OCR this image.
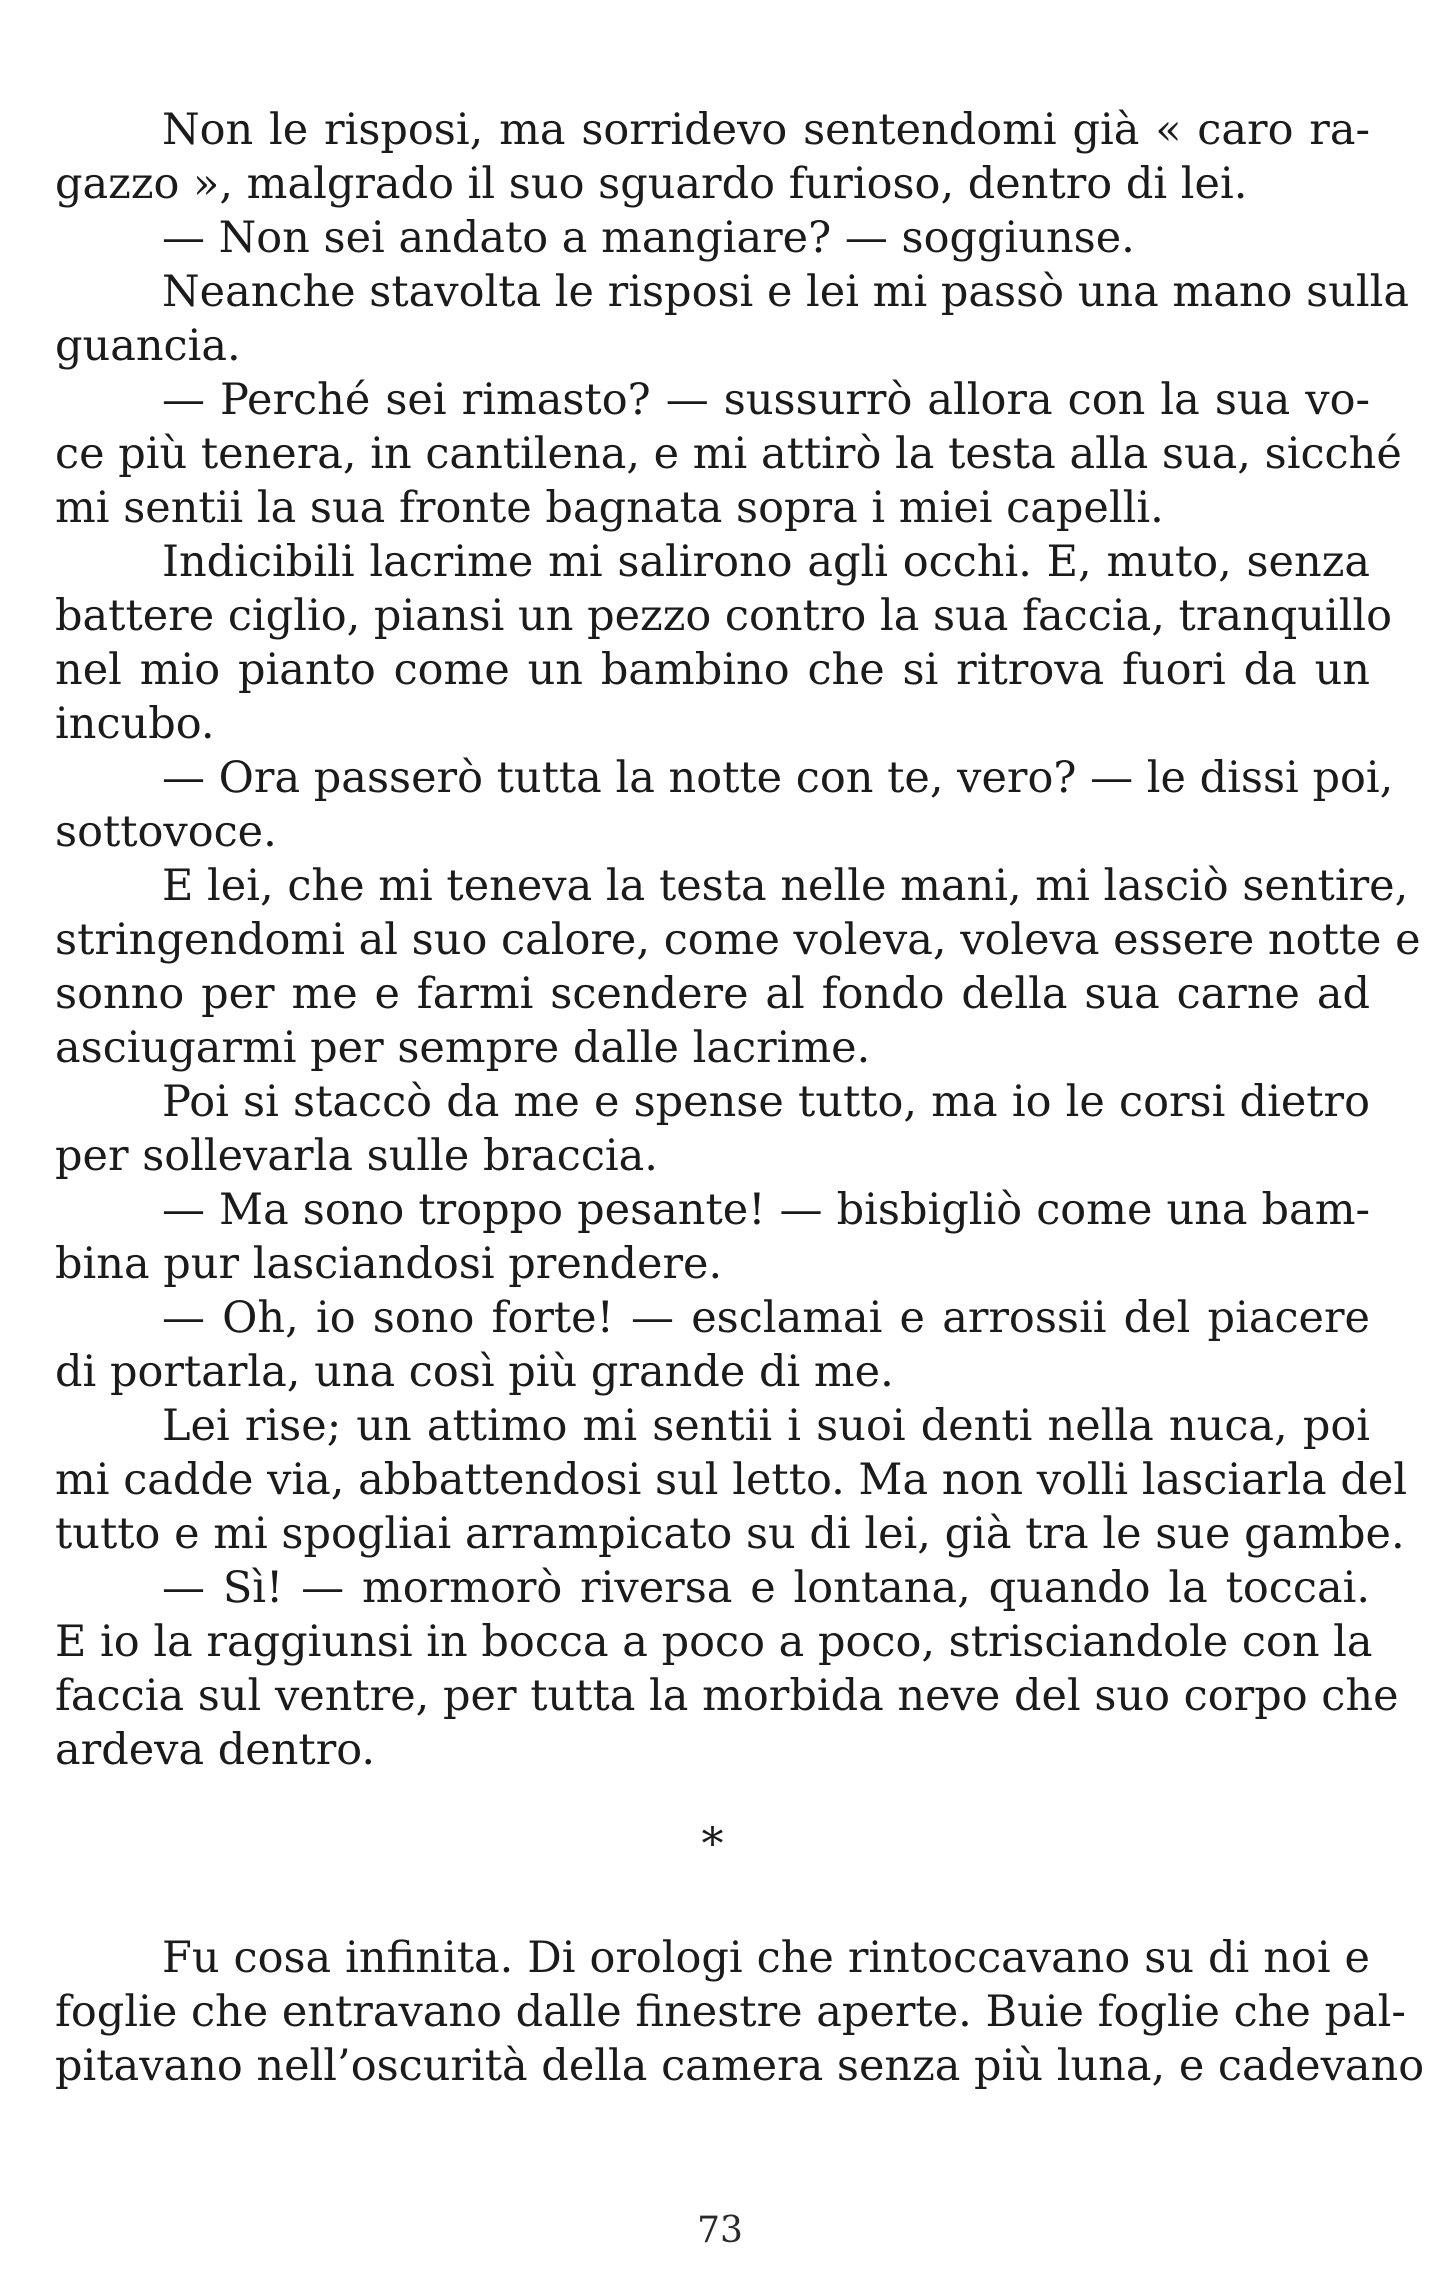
Non le risposi, ma sorridevo sentendomi già « caro ra-
gazzo », malgrado il suo sguardo furioso, dentro di lei.
— Non sei andato a mangiare? — soggiunse.
Neanche stavolta le risposi e lei mi passò una mano sulla
guancia.
— Perché sei rimasto? — sussurrò allora con la sua vo-
ce più tenera, in cantilena, e mi attirò la testa alla sua, sicché
mi sentii la sua fronte bagnata sopra i miei capelli.
Indicibili lacrime mi salirono agli occhi. E, muto, senza
battere ciglio, piansi un pezzo contro la sua faccia, tranquillo
nel mio pianto come un bambino che si ritrova fuori da un
incubo.
— Ora passerò tutta la notte con te, vero? — le dissi poi,
sottovoce.
E lei, che mi teneva la testa nelle mani, mi lasciò sentire,
stringendomi al suo calore, come voleva, voleva essere notte e
sonno per me e farmi scendere al fondo della sua carne ad
asciugarmi per sempre dalle lacrime.
Poi si staccò da me e spense tutto, ma io le corsi dietro
per sollevarla sulle braccia.
— Ma sono troppo pesante! — bisbigliò come una bam-
bina pur lasciandosi prendere.
— Oh, io sono forte! — esclamai e arrossii del piacere
di portarla, una così più grande di me.
Lei rise; un attimo mi sentii i suoi denti nella nuca, poi
mi cadde via, abbattendosi sul letto. Ma non volli lasciarla del
tutto e mi spogliai arrampicato su di lei, già tra le sue gambe.
— Sì! — mormorò riversa e lontana, quando la toccai.
E io la raggiunsi in bocca a poco a poco, strisciandole con la
faccia sul ventre, per tutta la morbida neve del suo corpo che
ardeva dentro.
*
Fu cosa infinita. Di orologi che rintoccavano su di noi e
foglie che entravano dalle finestre aperte. Buie foglie che pal-
pitavano nell’oscurità della camera senza più luna, e cadevano
73
